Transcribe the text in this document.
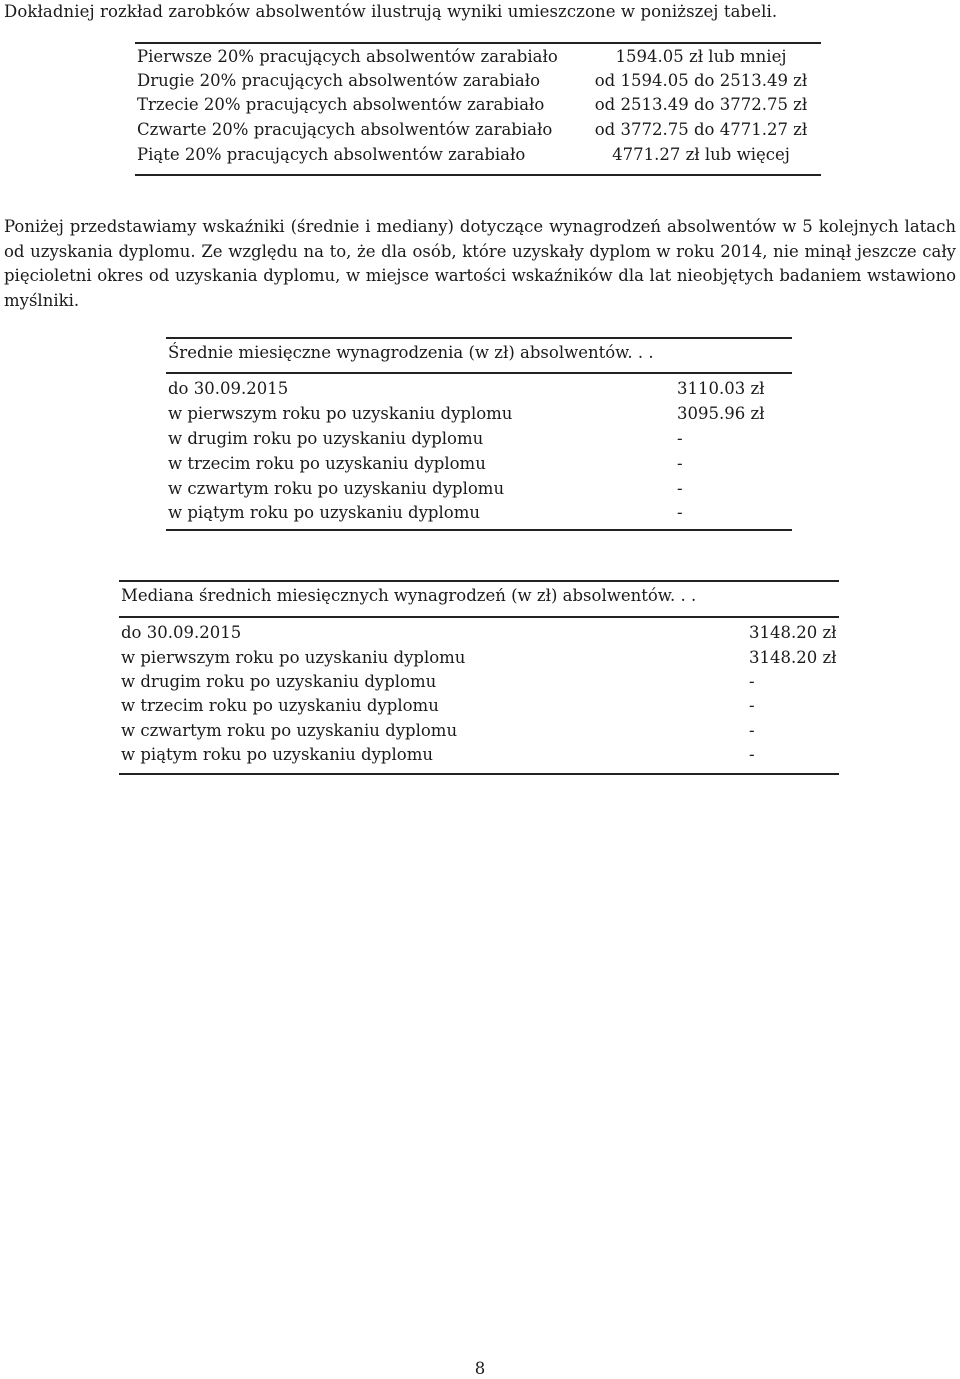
Dokładniej rozkład zarobków absolwentów ilustrują wyniki umieszczone w poniższej tabeli.
Pierwsze 20% pracujących absolwentów zarabiało	1594.05 zł lub mniej
Drugie 20% pracujących absolwentów zarabiało	od 1594.05 do 2513.49 zł
Trzecie 20% pracujących absolwentów zarabiało	od 2513.49 do 3772.75 zł
Czwarte 20% pracujących absolwentów zarabiało	od 3772.75 do 4771.27 zł
Piąte 20% pracujących absolwentów zarabiało	4771.27 zł lub więcej

Poniżej przedstawiamy wskaźniki (średnie i mediany) dotyczące wynagrodzeń absolwentów w 5 kolejnych latach od uzyskania dyplomu. Ze względu na to, że dla osób, które uzyskały dyplom w roku 2014, nie minął jeszcze cały pięcioletni okres od uzyskania dyplomu, w miejsce wartości wskaźników dla lat nieobjętych badaniem wstawiono myślniki.

Średnie miesięczne wynagrodzenia (w zł) absolwentów. . .
do 30.09.2015	3110.03 zł
w pierwszym roku po uzyskaniu dyplomu	3095.96 zł
w drugim roku po uzyskaniu dyplomu	-
w trzecim roku po uzyskaniu dyplomu	-
w czwartym roku po uzyskaniu dyplomu	-
w piątym roku po uzyskaniu dyplomu	-
Mediana średnich miesięcznych wynagrodzeń (w zł) absolwentów. . .
do 30.09.2015	3148.20 zł
w pierwszym roku po uzyskaniu dyplomu	3148.20 zł
w drugim roku po uzyskaniu dyplomu	-
w trzecim roku po uzyskaniu dyplomu	-
w czwartym roku po uzyskaniu dyplomu	-
w piątym roku po uzyskaniu dyplomu	-
8
